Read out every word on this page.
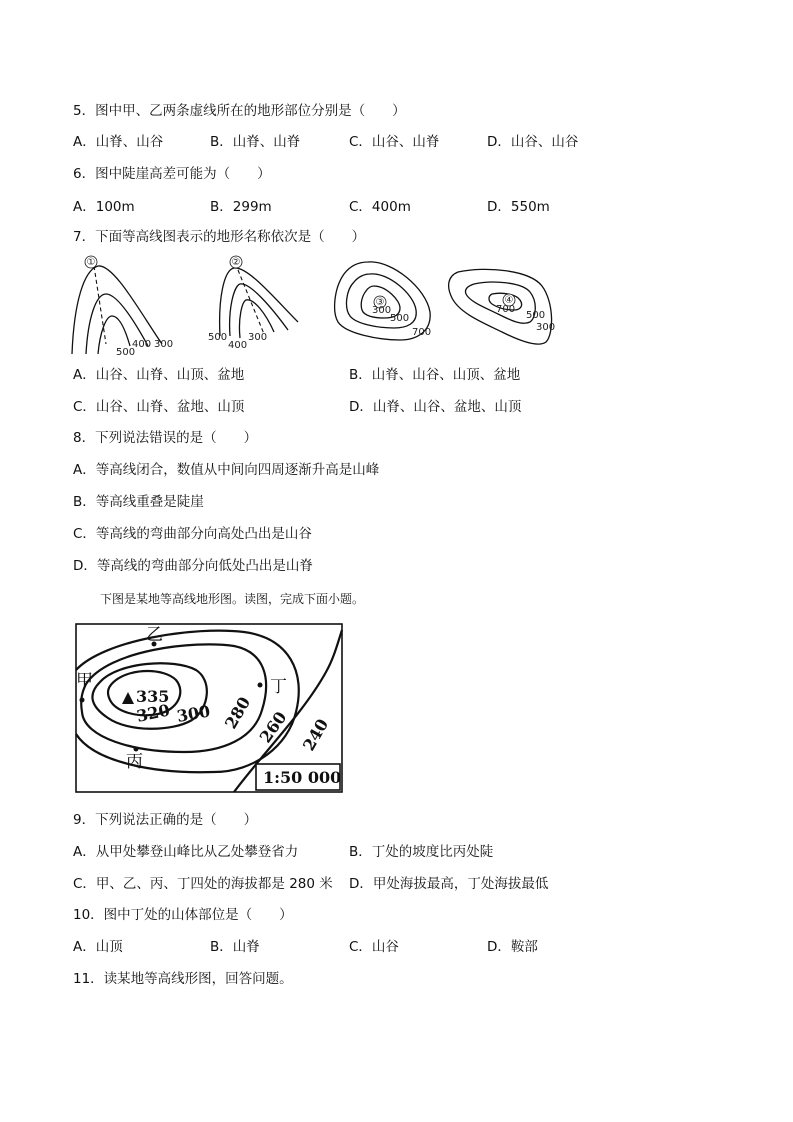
5．图中甲、乙两条虚线所在的地形部位分别是（　　）
A．山脊、山谷	B．山脊、山脊	C．山谷、山脊	D．山谷、山谷
6．图中陡崖高差可能为（　　）
A．100m	B．299m	C．400m	D．550m
7．下面等高线图表示的地形名称依次是（　　）
①
500
400 300
②
500
400
300
③
300
500
700
④
700
500
300
A．山谷、山脊、山顶、盆地	B．山脊、山谷、山顶、盆地
C．山谷、山脊、盆地、山顶	D．山脊、山谷、盆地、山顶
8．下列说法错误的是（　　）
A．等高线闭合，数值从中间向四周逐渐升高是山峰
B．等高线重叠是陡崖
C．等高线的弯曲部分向高处凸出是山谷
D．等高线的弯曲部分向低处凸出是山脊
下图是某地等高线地形图。读图，完成下面小题。
335
320 300 280 260 240
甲
乙
丙
丁
1:50 000
9．下列说法正确的是（　　）
A．从甲处攀登山峰比从乙处攀登省力	B．丁处的坡度比丙处陡
C．甲、乙、丙、丁四处的海拔都是 280 米 D．甲处海拔最高，丁处海拔最低
10．图中丁处的山体部位是（　　）
A．山顶	B．山脊	C．山谷	D．鞍部
11．读某地等高线形图，回答问题。
